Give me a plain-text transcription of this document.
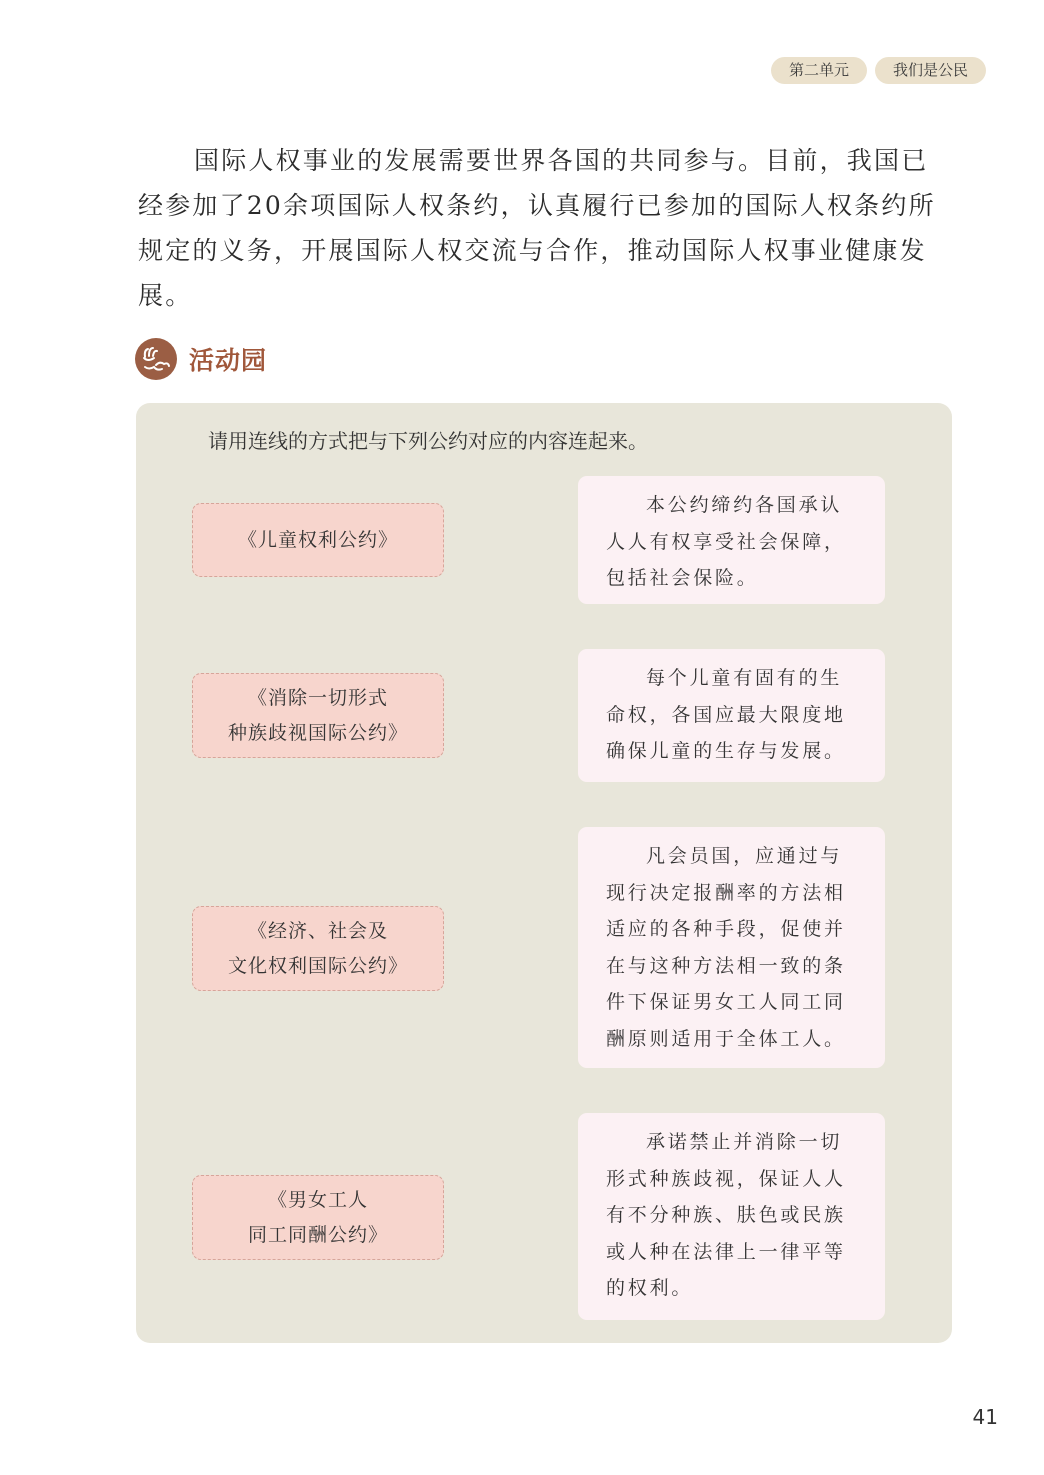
第二单元	我们是公民

国际人权事业的发展需要世界各国的共同参与。目前，我国已经参加了20余项国际人权条约，认真履行已参加的国际人权条约所规定的义务，开展国际人权交流与合作，推动国际人权事业健康发展。

活动园
请用连线的方式把与下列公约对应的内容连起来。
《儿童权利公约》
《消除一切形式
种族歧视国际公约》
《经济、社会及
文化权利国际公约》
《男女工人
同工同酬公约》
本公约缔约各国承认人人有权享受社会保障，包括社会保险。
每个儿童有固有的生命权，各国应最大限度地确保儿童的生存与发展。
凡会员国，应通过与现行决定报酬率的方法相适应的各种手段，促使并在与这种方法相一致的条件下保证男女工人同工同酬原则适用于全体工人。
承诺禁止并消除一切形式种族歧视，保证人人有不分种族、肤色或民族或人种在法律上一律平等的权利。
41
